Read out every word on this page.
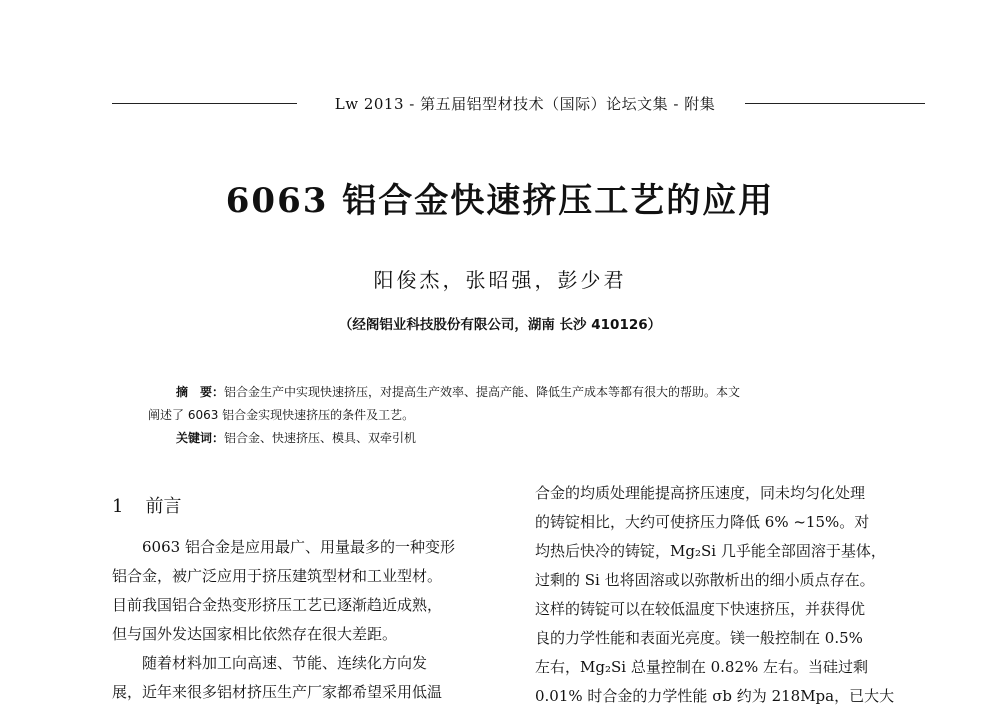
Lw 2013 - 第五届铝型材技术（国际）论坛文集 - 附集
6063 铝合金快速挤压工艺的应用
阳俊杰，张昭强，彭少君
（经阁铝业科技股份有限公司，湖南 长沙 410126）
摘　要：铝合金生产中实现快速挤压，对提高生产效率、提高产能、降低生产成本等都有很大的帮助。本文
阐述了 6063 铝合金实现快速挤压的条件及工艺。
关键词：铝合金、快速挤压、模具、双牵引机
1 前言
6063 铝合金是应用最广、用量最多的一种变形
铝合金，被广泛应用于挤压建筑型材和工业型材。
目前我国铝合金热变形挤压工艺已逐渐趋近成熟，
但与国外发达国家相比依然存在很大差距。
随着材料加工向高速、节能、连续化方向发
展，近年来很多铝材挤压生产厂家都希望采用低温
合金的均质处理能提高挤压速度，同未均匀化处理
的铸锭相比，大约可使挤压力降低 6% ~15%。对
均热后快冷的铸锭，Mg₂Si 几乎能全部固溶于基体，
过剩的 Si 也将固溶或以弥散析出的细小质点存在。
这样的铸锭可以在较低温度下快速挤压，并获得优
良的力学性能和表面光亮度。镁一般控制在 0.5%
左右，Mg₂Si 总量控制在 0.82% 左右。当硅过剩
0.01% 时合金的力学性能 σb 约为 218Mpa，已大大
